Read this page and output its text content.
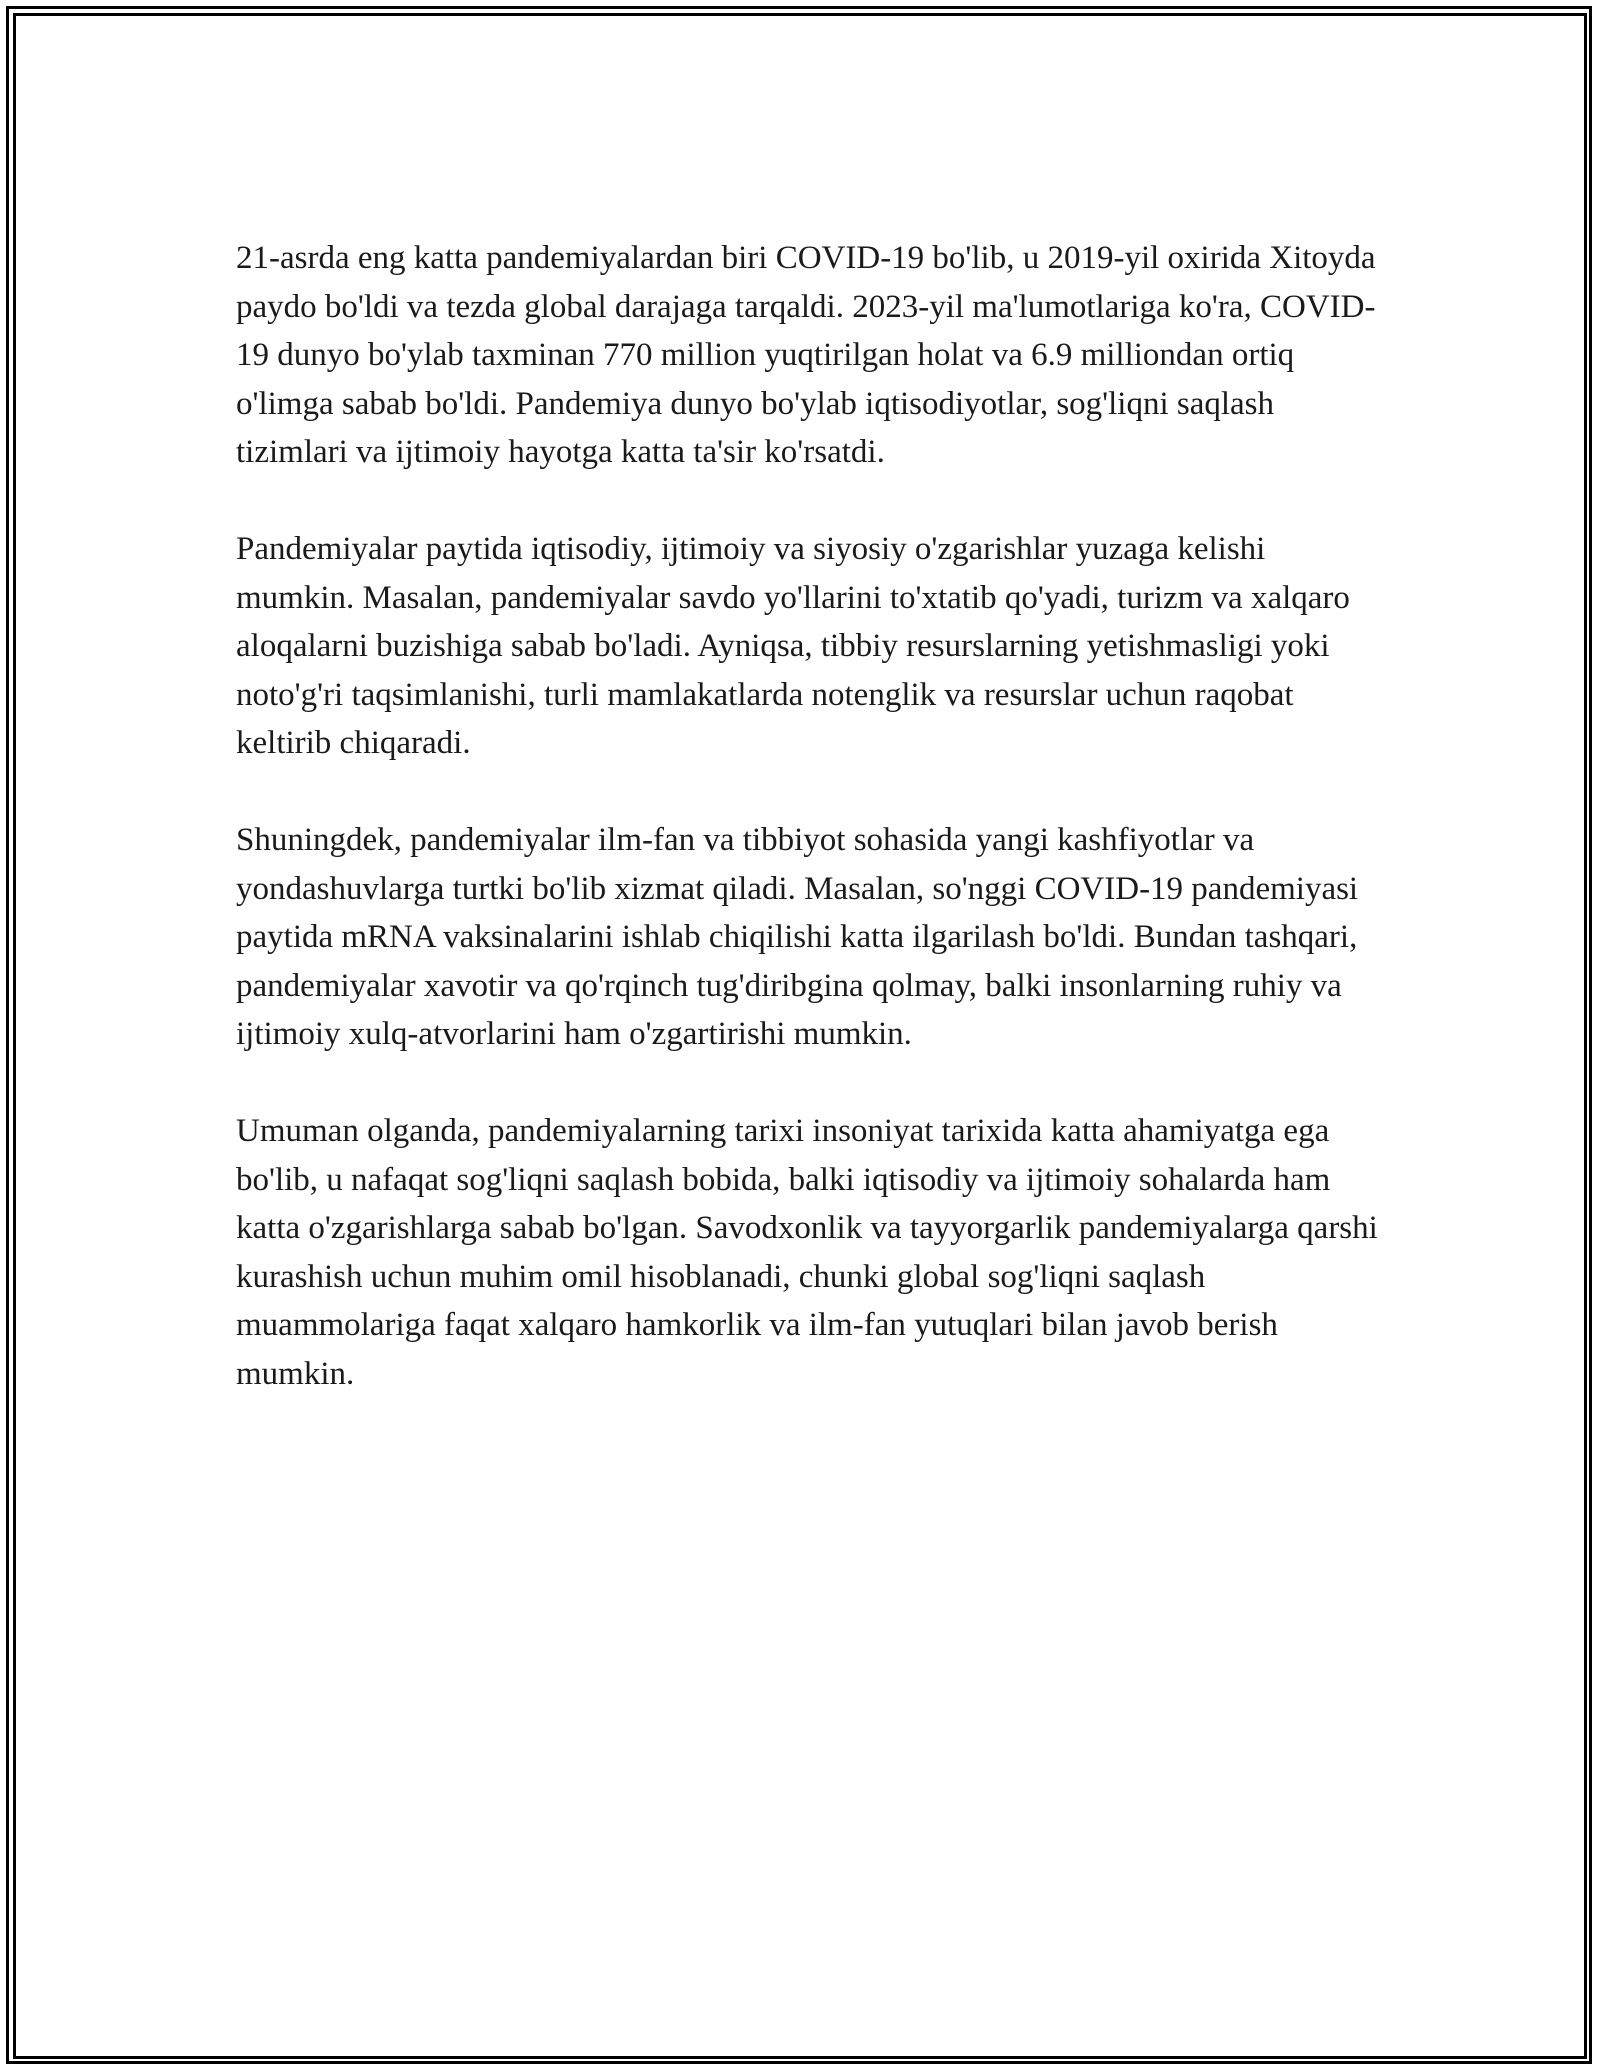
21-asrda eng katta pandemiyalardan biri COVID-19 bo'lib, u 2019-yil oxirida Xitoyda paydo bo'ldi va tezda global darajaga tarqaldi. 2023-yil ma'lumotlariga ko'ra, COVID-19 dunyo bo'ylab taxminan 770 million yuqtirilgan holat va 6.9 milliondan ortiq o'limga sabab bo'ldi. Pandemiya dunyo bo'ylab iqtisodiyotlar, sog'liqni saqlash tizimlari va ijtimoiy hayotga katta ta'sir ko'rsatdi.

Pandemiyalar paytida iqtisodiy, ijtimoiy va siyosiy o'zgarishlar yuzaga kelishi mumkin. Masalan, pandemiyalar savdo yo'llarini to'xtatib qo'yadi, turizm va xalqaro aloqalarni buzishiga sabab bo'ladi. Ayniqsa, tibbiy resurslarning yetishmasligi yoki noto'g'ri taqsimlanishi, turli mamlakatlarda notenglik va resurslar uchun raqobat keltirib chiqaradi.

Shuningdek, pandemiyalar ilm-fan va tibbiyot sohasida yangi kashfiyotlar va yondashuvlarga turtki bo'lib xizmat qiladi. Masalan, so'nggi COVID-19 pandemiyasi paytida mRNA vaksinalarini ishlab chiqilishi katta ilgarilash bo'ldi. Bundan tashqari, pandemiyalar xavotir va qo'rqinch tug'diribgina qolmay, balki insonlarning ruhiy va ijtimoiy xulq-atvorlarini ham o'zgartirishi mumkin.

Umuman olganda, pandemiyalarning tarixi insoniyat tarixida katta ahamiyatga ega bo'lib, u nafaqat sog'liqni saqlash bobida, balki iqtisodiy va ijtimoiy sohalarda ham katta o'zgarishlarga sabab bo'lgan. Savodxonlik va tayyorgarlik pandemiyalarga qarshi kurashish uchun muhim omil hisoblanadi, chunki global sog'liqni saqlash muammolariga faqat xalqaro hamkorlik va ilm-fan yutuqlari bilan javob berish mumkin.
